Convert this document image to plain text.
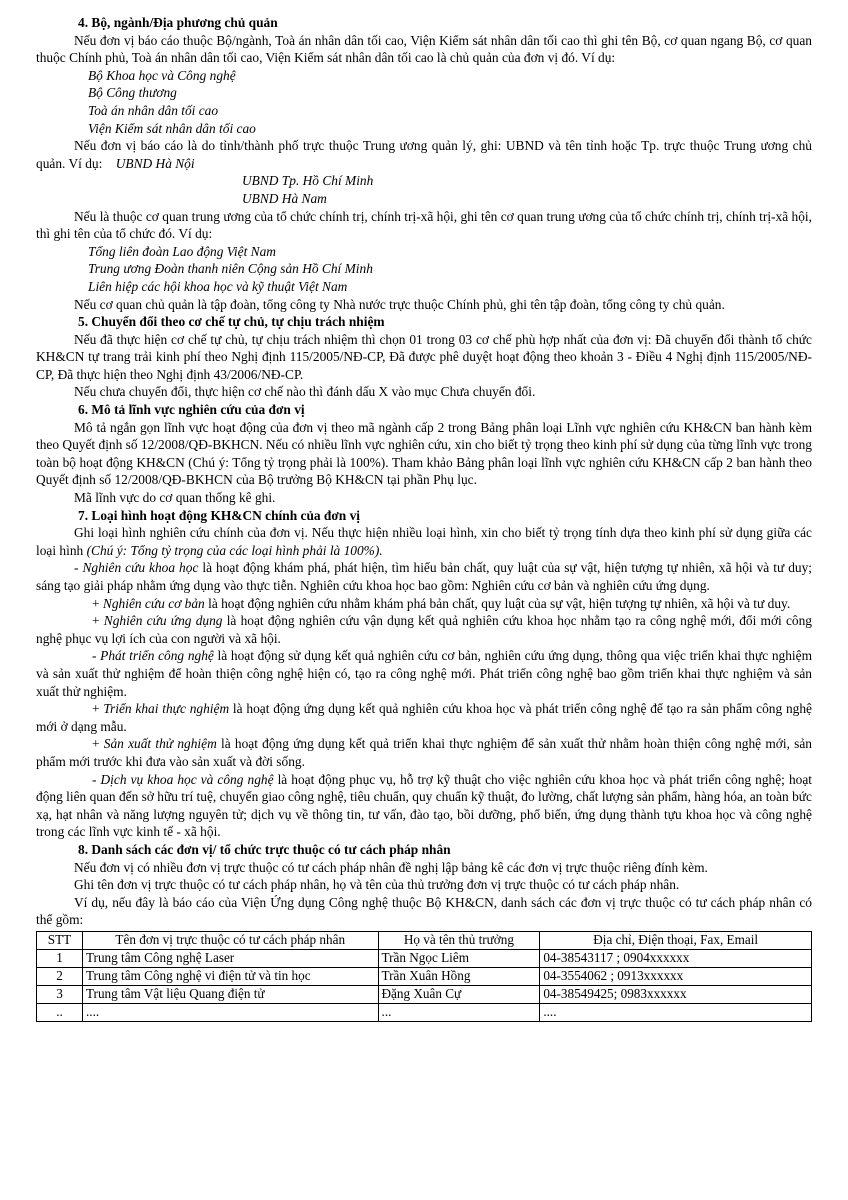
4. Bộ, ngành/Địa phương chủ quản

Nếu đơn vị báo cáo thuộc Bộ/ngành, Toà án nhân dân tối cao, Viện Kiểm sát nhân dân tối cao thì ghi tên Bộ, cơ quan ngang Bộ, cơ quan thuộc Chính phủ, Toà án nhân dân tối cao, Viện Kiểm sát nhân dân tối cao là chủ quản của đơn vị đó. Ví dụ:

Bộ Khoa học và Công nghệ
Bộ Công thương
Toà án nhân dân tối cao
Viện Kiểm sát nhân dân tối cao

Nếu đơn vị báo cáo là do tỉnh/thành phố trực thuộc Trung ương quản lý, ghi: UBND và tên tỉnh hoặc Tp. trực thuộc Trung ương chủ quản. Ví dụ: UBND Hà Nội

UBND Tp. Hồ Chí Minh
UBND Hà Nam

Nếu là thuộc cơ quan trung ương của tổ chức chính trị, chính trị-xã hội, ghi tên cơ quan trung ương của tổ chức chính trị, chính trị-xã hội, thì ghi tên của tổ chức đó. Ví dụ:

Tổng liên đoàn Lao động Việt Nam
Trung ương Đoàn thanh niên Cộng sản Hồ Chí Minh
Liên hiệp các hội khoa học và kỹ thuật Việt Nam

Nếu cơ quan chủ quản là tập đoàn, tổng công ty Nhà nước trực thuộc Chính phủ, ghi tên tập đoàn, tổng công ty chủ quản.

5. Chuyển đổi theo cơ chế tự chủ, tự chịu trách nhiệm

Nếu đã thực hiện cơ chế tự chủ, tự chịu trách nhiệm thì chọn 01 trong 03 cơ chế phù hợp nhất của đơn vị: Đã chuyển đổi thành tổ chức KH&CN tự trang trải kinh phí theo Nghị định 115/2005/NĐ-CP, Đã được phê duyệt hoạt động theo khoản 3 - Điều 4 Nghị định 115/2005/NĐ-CP, Đã thực hiện theo Nghị định 43/2006/NĐ-CP.

Nếu chưa chuyển đổi, thực hiện cơ chế nào thì đánh dấu X vào mục Chưa chuyển đổi.

6. Mô tả lĩnh vực nghiên cứu của đơn vị

Mô tả ngắn gọn lĩnh vực hoạt động của đơn vị theo mã ngành cấp 2 trong Bảng phân loại Lĩnh vực nghiên cứu KH&CN ban hành kèm theo Quyết định số 12/2008/QĐ-BKHCN. Nếu có nhiều lĩnh vực nghiên cứu, xin cho biết tỷ trọng theo kinh phí sử dụng của từng lĩnh vực trong toàn bộ hoạt động KH&CN (Chú ý: Tổng tỷ trọng phải là 100%). Tham khảo Bảng phân loại lĩnh vực nghiên cứu KH&CN cấp 2 ban hành theo Quyết định số 12/2008/QĐ-BKHCN của Bộ trưởng Bộ KH&CN tại phần Phụ lục.

Mã lĩnh vực do cơ quan thống kê ghi.

7. Loại hình hoạt động KH&CN chính của đơn vị

Ghi loại hình nghiên cứu chính của đơn vị. Nếu thực hiện nhiều loại hình, xin cho biết tỷ trọng tính dựa theo kinh phí sử dụng giữa các loại hình (Chú ý: Tổng tỷ trọng của các loại hình phải là 100%).

- Nghiên cứu khoa học là hoạt động khám phá, phát hiện, tìm hiểu bản chất, quy luật của sự vật, hiện tượng tự nhiên, xã hội và tư duy; sáng tạo giải pháp nhằm ứng dụng vào thực tiễn. Nghiên cứu khoa học bao gồm: Nghiên cứu cơ bản và nghiên cứu ứng dụng.

+ Nghiên cứu cơ bản là hoạt động nghiên cứu nhằm khám phá bản chất, quy luật của sự vật, hiện tượng tự nhiên, xã hội và tư duy.

+ Nghiên cứu ứng dụng là hoạt động nghiên cứu vận dụng kết quả nghiên cứu khoa học nhằm tạo ra công nghệ mới, đổi mới công nghệ phục vụ lợi ích của con người và xã hội.

- Phát triển công nghệ là hoạt động sử dụng kết quả nghiên cứu cơ bản, nghiên cứu ứng dụng, thông qua việc triển khai thực nghiệm và sản xuất thử nghiệm để hoàn thiện công nghệ hiện có, tạo ra công nghệ mới. Phát triển công nghệ bao gồm triển khai thực nghiệm và sản xuất thử nghiệm.

+ Triển khai thực nghiệm là hoạt động ứng dụng kết quả nghiên cứu khoa học và phát triển công nghệ để tạo ra sản phẩm công nghệ mới ở dạng mẫu.

+ Sản xuất thử nghiệm là hoạt động ứng dụng kết quả triển khai thực nghiệm để sản xuất thử nhằm hoàn thiện công nghệ mới, sản phẩm mới trước khi đưa vào sản xuất và đời sống.

- Dịch vụ khoa học và công nghệ là hoạt động phục vụ, hỗ trợ kỹ thuật cho việc nghiên cứu khoa học và phát triển công nghệ; hoạt động liên quan đến sở hữu trí tuệ, chuyển giao công nghệ, tiêu chuẩn, quy chuẩn kỹ thuật, đo lường, chất lượng sản phẩm, hàng hóa, an toàn bức xạ, hạt nhân và năng lượng nguyên tử; dịch vụ về thông tin, tư vấn, đào tạo, bồi dưỡng, phổ biến, ứng dụng thành tựu khoa học và công nghệ trong các lĩnh vực kinh tế - xã hội.

8. Danh sách các đơn vị/ tổ chức trực thuộc có tư cách pháp nhân

Nếu đơn vị có nhiều đơn vị trực thuộc có tư cách pháp nhân đề nghị lập bảng kê các đơn vị trực thuộc riêng đính kèm.

Ghi tên đơn vị trực thuộc có tư cách pháp nhân, họ và tên của thủ trưởng đơn vị trực thuộc có tư cách pháp nhân.

Ví dụ, nếu đây là báo cáo của Viện Ứng dụng Công nghệ thuộc Bộ KH&CN, danh sách các đơn vị trực thuộc có tư cách pháp nhân có thể gồm:

STT	Tên đơn vị trực thuộc có tư cách pháp nhân	Họ và tên thủ trưởng	Địa chỉ, Điện thoại, Fax, Email
1	Trung tâm Công nghệ Laser	Trần Ngọc Liêm	04-38543117 ; 0904xxxxxx
2	Trung tâm Công nghệ vi điện tử và tin học	Trần Xuân Hồng	04-3554062 ; 0913xxxxxx
3	Trung tâm Vật liệu Quang điện tử	Đặng Xuân Cự	04-38549425; 0983xxxxxx
..	....	...	....
